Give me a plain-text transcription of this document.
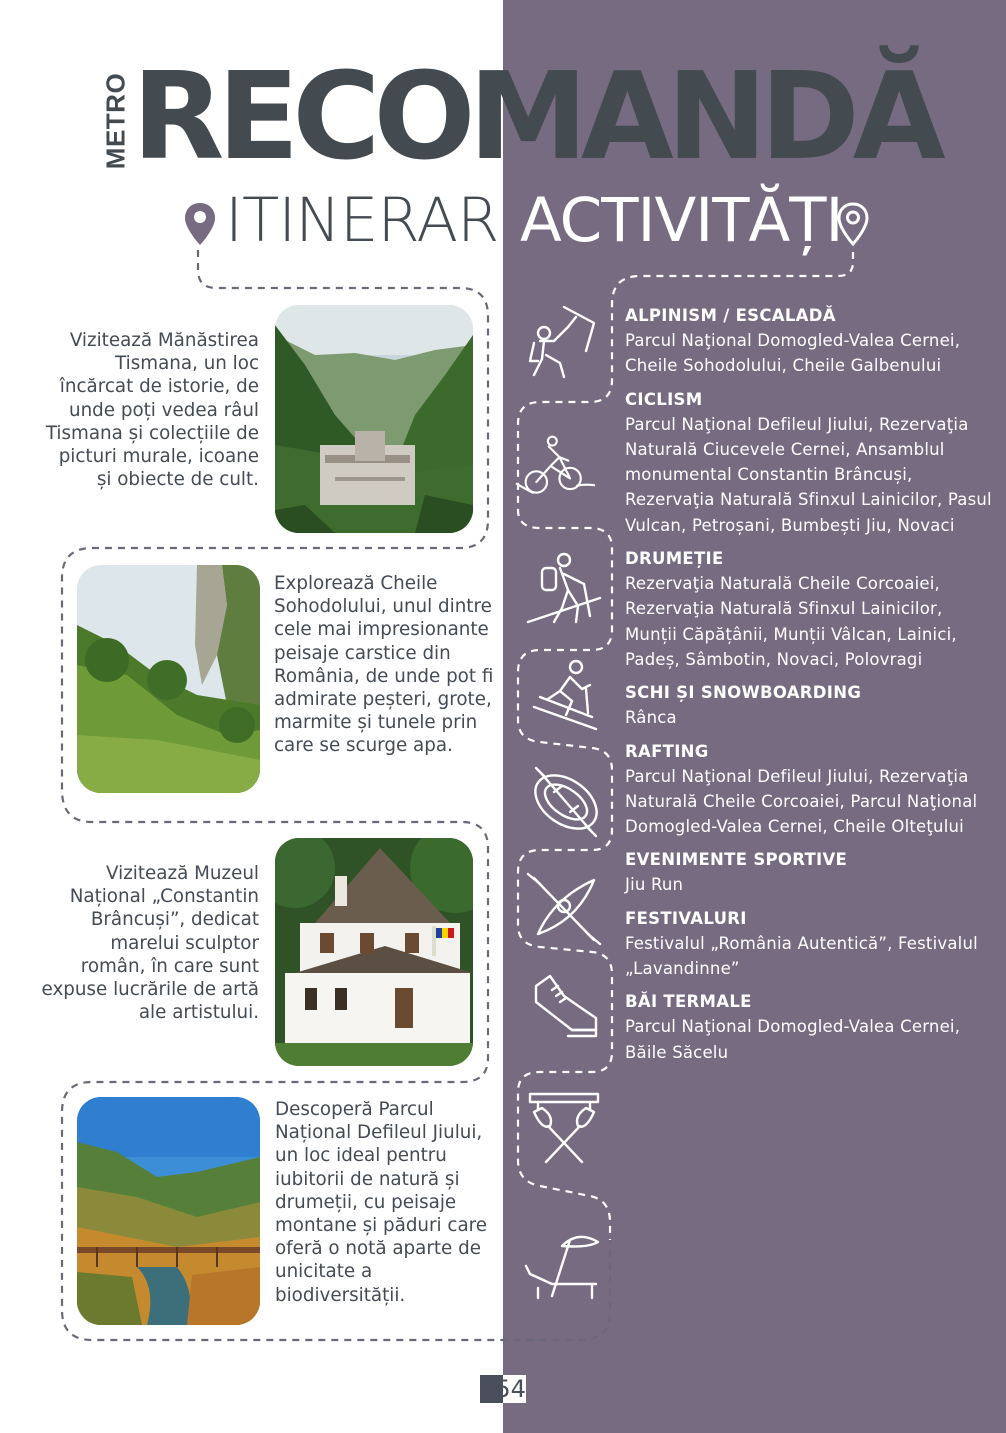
METRO RECOMANDĂ
ITINERAR ACTIVITĂȚI
Vizitează Mănăstirea Tismana, un loc încărcat de istorie, de unde poți vedea râul Tismana și colecțiile de picturi murale, icoane și obiecte de cult.
Explorează Cheile Sohodolului, unul dintre cele mai impresionante peisaje carstice din România, de unde pot fi admirate peșteri, grote, marmite și tunele prin care se scurge apa.
Vizitează Muzeul Național „Constantin Brâncuși”, dedicat marelui sculptor român, în care sunt expuse lucrările de artă ale artistului.
Descoperă Parcul Național Defileul Jiului, un loc ideal pentru iubitorii de natură și drumeții, cu peisaje montane și păduri care oferă o notă aparte de unicitate a biodiversității.
ALPINISM / ESCALADĂ
Parcul Naţional Domogled-Valea Cernei, Cheile Sohodolului, Cheile Galbenului
CICLISM
Parcul Naţional Defileul Jiului, Rezervaţia Naturală Ciucevele Cernei, Ansamblul monumental Constantin Brâncuși, Rezervaţia Naturală Sfinxul Lainicilor, Pasul Vulcan, Petroșani, Bumbești Jiu, Novaci
DRUMEȚIE
Rezervaţia Naturală Cheile Corcoaiei, Rezervaţia Naturală Sfinxul Lainicilor, Munții Căpățânii, Munții Vâlcan, Lainici, Padeș, Sâmbotin, Novaci, Polovragi
SCHI ȘI SNOWBOARDING
Rânca
RAFTING
Parcul Naţional Defileul Jiului, Rezervaţia Naturală Cheile Corcoaiei, Parcul Naţional Domogled-Valea Cernei, Cheile Olteţului
EVENIMENTE SPORTIVE
Jiu Run
FESTIVALURI
Festivalul „România Autentică”, Festivalul „Lavandinne”
BĂI TERMALE
Parcul Naţional Domogled-Valea Cernei, Băile Săcelu
154
